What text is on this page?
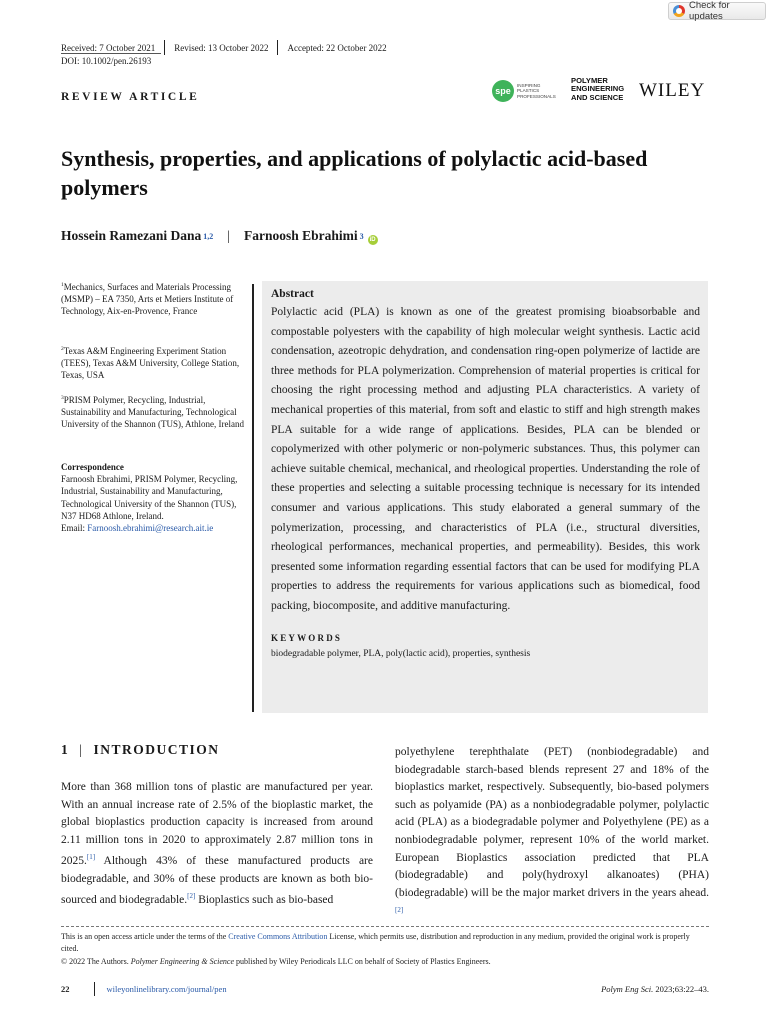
Check for updates
Received: 7 October 2021 Revised: 13 October 2022 Accepted: 22 October 2022
DOI: 10.1002/pen.26193
REVIEW ARTICLE	spe
INSPIRING PLASTICS PROFESSIONALS
POLYMER
ENGINEERING
AND SCIENCE WILEY
Synthesis, properties, and applications of polylactic acid-based polymers
Hossein Ramezani Dana $^{1,2}$ | Farnoosh Ebrahimi $^3$	iD
$^1$Mechanics, Surfaces and Materials Processing (MSMP) – EA 7350, Arts et Metiers Institute of Technology, Aix-en-Provence, France
$^2$Texas A&M Engineering Experiment Station (TEES), Texas A&M University, College Station, Texas, USA
$^3$PRISM Polymer, Recycling, Industrial, Sustainability and Manufacturing, Technological University of the Shannon (TUS), Athlone, Ireland
Correspondence
Farnoosh Ebrahimi, PRISM Polymer, Recycling, Industrial, Sustainability and Manufacturing, Technological University of the Shannon (TUS), N37 HD68 Athlone, Ireland.
Email: Farnoosh.ebrahimi@research.ait.ie
Abstract

Polylactic acid (PLA) is known as one of the greatest promising bioabsorbable and compostable polyesters with the capability of high molecular weight synthesis. Lactic acid condensation, azeotropic dehydration, and condensation ring-open polymerize of lactide are three methods for PLA polymerization. Comprehension of material properties is critical for choosing the right processing method and adjusting PLA characteristics. A variety of mechanical properties of this material, from soft and elastic to stiff and high strength makes PLA suitable for a wide range of applications. Besides, PLA can be blended or copolymerized with other polymeric or non-polymeric substances. Thus, this polymer can achieve suitable chemical, mechanical, and rheological properties. Understanding the role of these properties and selecting a suitable processing technique is necessary for its intended consumer and various applications. This study elaborated a general summary of the polymerization, processing, and characteristics of PLA (i.e., structural diversities, rheological performances, mechanical properties, and permeability). Besides, this work presented some information regarding essential factors that can be used for modifying PLA properties to address the requirements for various applications such as biomedical, food packing, biocomposite, and additive manufacturing.

KEYWORDS
biodegradable polymer, PLA, poly(lactic acid), properties, synthesis
1 | INTRODUCTION

More than 368 million tons of plastic are manufactured per year. With an annual increase rate of 2.5% of the bioplastic market, the global bioplastics production capacity is increased from around 2.11 million tons in 2020 to approximately 2.87 million tons in 2025.[1] Although 43% of these manufactured products are biodegradable, and 30% of these products are known as both bio-sourced and biodegradable.[2] Bioplastics such as bio-based

polyethylene terephthalate (PET) (nonbiodegradable) and biodegradable starch-based blends represent 27 and 18% of the bioplastics market, respectively. Subsequently, bio-based polymers such as polyamide (PA) as a nonbiodegradable polymer, polylactic acid (PLA) as a biodegradable polymer and Polyethylene (PE) as a nonbiodegradable polymer, represent 10% of the world market. European Bioplastics association predicted that PLA (biodegradable) and poly(hydroxyl alkanoates) (PHA) (biodegradable) will be the major market drivers in the years ahead.[2]

This is an open access article under the terms of the Creative Commons Attribution License, which permits use, distribution and reproduction in any medium, provided the original work is properly cited.
© 2022 The Authors. Polymer Engineering & Science published by Wiley Periodicals LLC on behalf of Society of Plastics Engineers.
22	wileyonlinelibrary.com/journal/pen	Polym Eng Sci. 2023;63:22–43.
